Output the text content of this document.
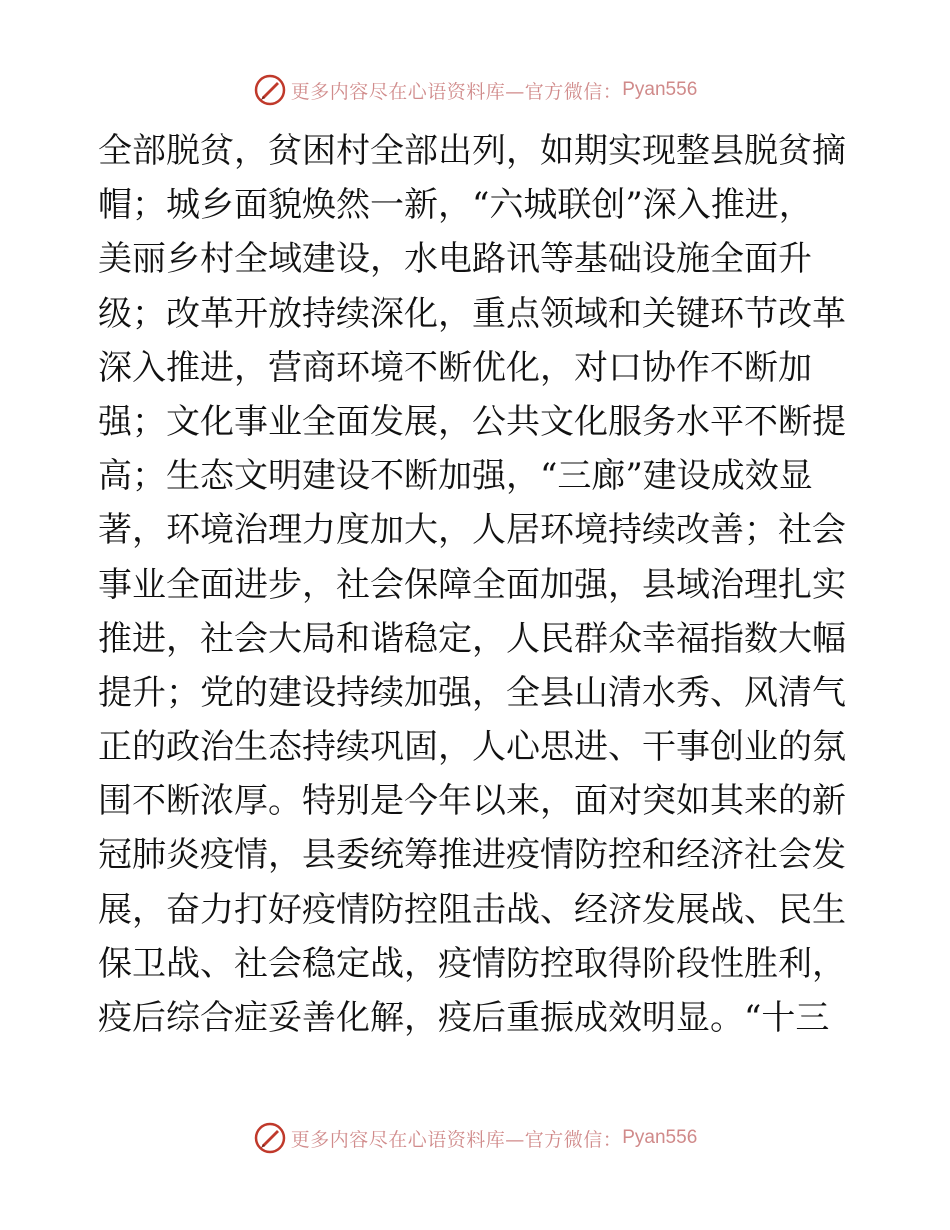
更多内容尽在心语资料库—官方微信： Pyan556
全部脱贫，贫困村全部出列，如期实现整县脱贫摘
帽；城乡面貌焕然一新，“六城联创”深入推进，
美丽乡村全域建设，水电路讯等基础设施全面升
级；改革开放持续深化，重点领域和关键环节改革
深入推进，营商环境不断优化，对口协作不断加
强；文化事业全面发展，公共文化服务水平不断提
高；生态文明建设不断加强，“三廊”建设成效显
著，环境治理力度加大，人居环境持续改善；社会
事业全面进步，社会保障全面加强，县域治理扎实
推进，社会大局和谐稳定，人民群众幸福指数大幅
提升；党的建设持续加强，全县山清水秀、风清气
正的政治生态持续巩固，人心思进、干事创业的氛
围不断浓厚。特别是今年以来，面对突如其来的新
冠肺炎疫情，县委统筹推进疫情防控和经济社会发
展，奋力打好疫情防控阻击战、经济发展战、民生
保卫战、社会稳定战，疫情防控取得阶段性胜利，
疫后综合症妥善化解，疫后重振成效明显。“十三
更多内容尽在心语资料库—官方微信： Pyan556
